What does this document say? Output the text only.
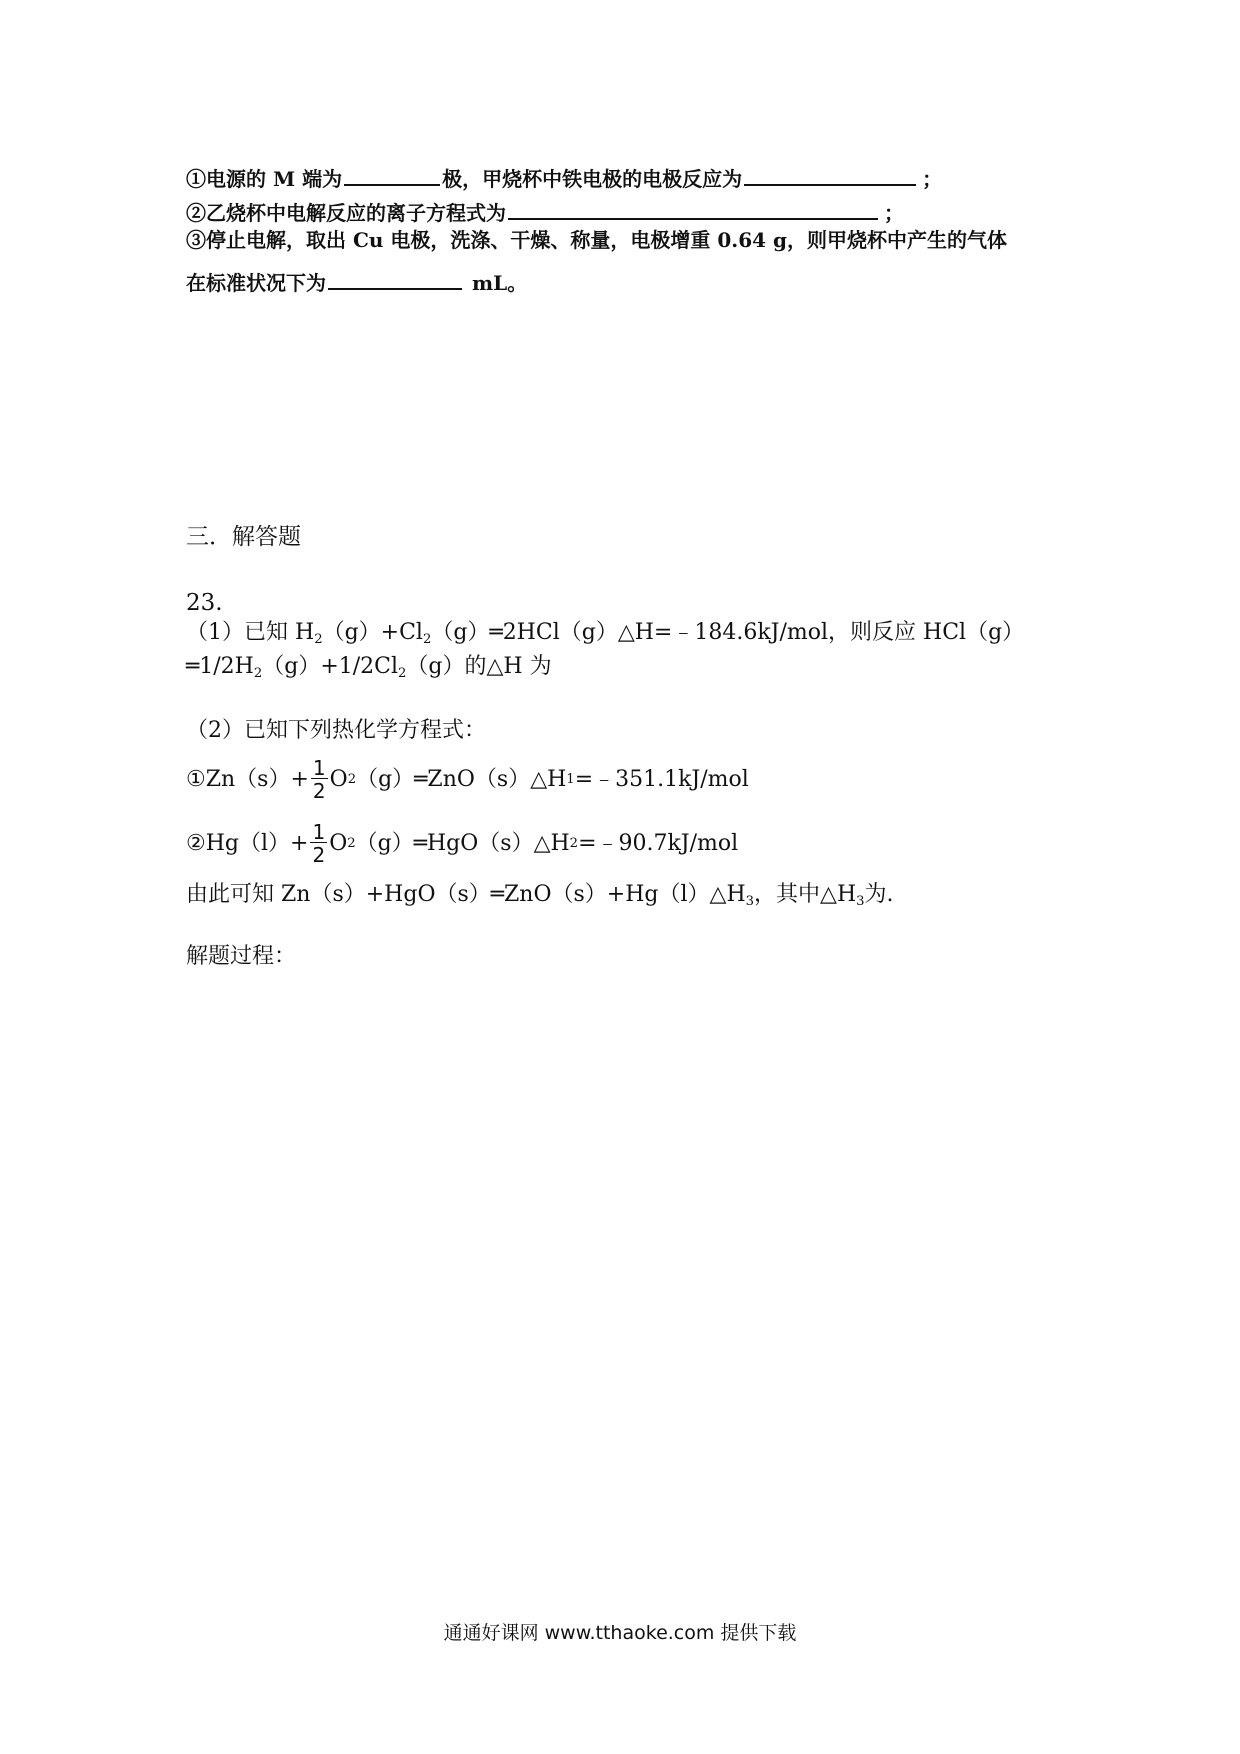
①电源的 M 端为	极，甲烧杯中铁电极的电极反应为	；
②乙烧杯中电解反应的离子方程式为	；
③停止电解，取出 Cu 电极，洗涤、干燥、称量，电极增重 0.64 g，则甲烧杯中产生的气体
在标准状况下为	mL。
三．解答题
23.
（1）已知 $H_2(g)+Cl_2(g)═2HCl(g)\triangle H=﹣184.6kJ$/mol，则反应 HCl（g）
$═1/2H_2(g)+1/2Cl_2(g)$的△H 为
（2）已知下列热化学方程式：
①Zn（s）+ $\frac{1}{2}$ O 2 （g）═ZnO（s）△H 1 =﹣351.1kJ/mol
②Hg（l）+ $\frac{1}{2}$ O 2 （g）═HgO（s）△H 2 =﹣90.7kJ/mol
由此可知 $Zn(s)+HgO(s)═ZnO(s)+Hg(l)\triangle H_3$，其中$\triangle H_3$为.
解题过程：
通通好课网 www.tthaoke.com 提供下载
